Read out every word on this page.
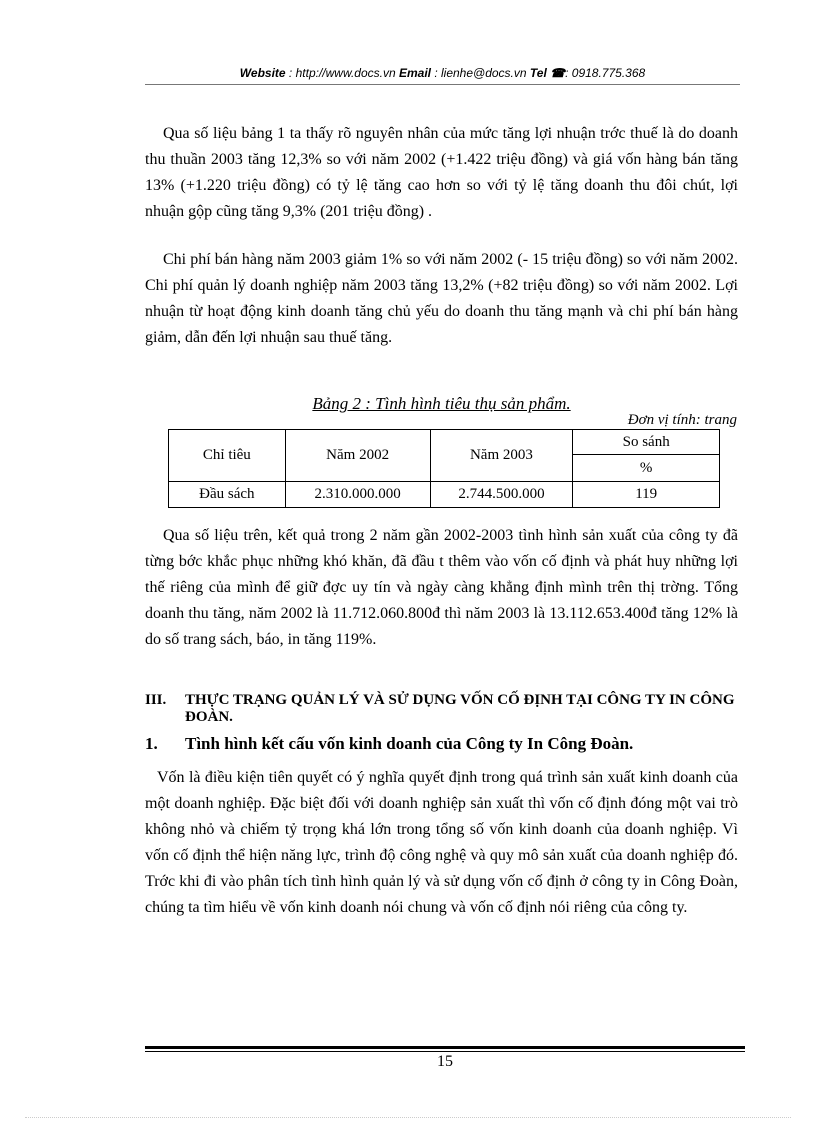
Website : http://www.docs.vn Email : lienhe@docs.vn Tel ☎: 0918.775.368

Qua số liệu bảng 1 ta thấy rõ nguyên nhân của mức tăng lợi nhuận trớc thuế là do doanh thu thuần 2003 tăng 12,3% so với năm 2002 (+1.422 triệu đồng) và giá vốn hàng bán tăng 13% (+1.220 triệu đồng) có tỷ lệ tăng cao hơn so với tỷ lệ tăng doanh thu đôi chút, lợi nhuận gộp cũng tăng 9,3% (201 triệu đồng) .

Chi phí bán hàng năm 2003 giảm 1% so với năm 2002 (- 15 triệu đồng) so với năm 2002. Chi phí quản lý doanh nghiệp năm 2003 tăng 13,2% (+82 triệu đồng) so với năm 2002. Lợi nhuận từ hoạt động kinh doanh tăng chủ yếu do doanh thu tăng mạnh và chi phí bán hàng giảm, dẫn đến lợi nhuận sau thuế tăng.

Bảng 2 : Tình hình tiêu thụ sản phẩm.
Đơn vị tính: trang
Chỉ tiêu	Năm 2002	Năm 2003	So sánh
			%
Đầu sách	2.310.000.000	2.744.500.000	119

Qua số liệu trên, kết quả trong 2 năm gần 2002-2003 tình hình sản xuất của công ty đã từng bớc khắc phục những khó khăn, đã đầu t thêm vào vốn cố định và phát huy những lợi thế riêng của mình để giữ đợc uy tín và ngày càng khẳng định mình trên thị trờng. Tổng doanh thu tăng, năm 2002 là 11.712.060.800đ thì năm 2003 là 13.112.653.400đ tăng 12% là do số trang sách, báo, in tăng 119%.

III. THỰC TRẠNG QUẢN LÝ VÀ SỬ DỤNG VỐN CỐ ĐỊNH TẠI CÔNG TY IN CÔNG ĐOÀN.
1. Tình hình kết cấu vốn kinh doanh của Công ty In Công Đoàn.

Vốn là điều kiện tiên quyết có ý nghĩa quyết định trong quá trình sản xuất kinh doanh của một doanh nghiệp. Đặc biệt đối với doanh nghiệp sản xuất thì vốn cố định đóng một vai trò không nhỏ và chiếm tỷ trọng khá lớn trong tổng số vốn kinh doanh của doanh nghiệp. Vì vốn cố định thể hiện năng lực, trình độ công nghệ và quy mô sản xuất của doanh nghiệp đó. Trớc khi đi vào phân tích tình hình quản lý và sử dụng vốn cố định ở công ty in Công Đoàn, chúng ta tìm hiểu về vốn kinh doanh nói chung và vốn cố định nói riêng của công ty.

15
